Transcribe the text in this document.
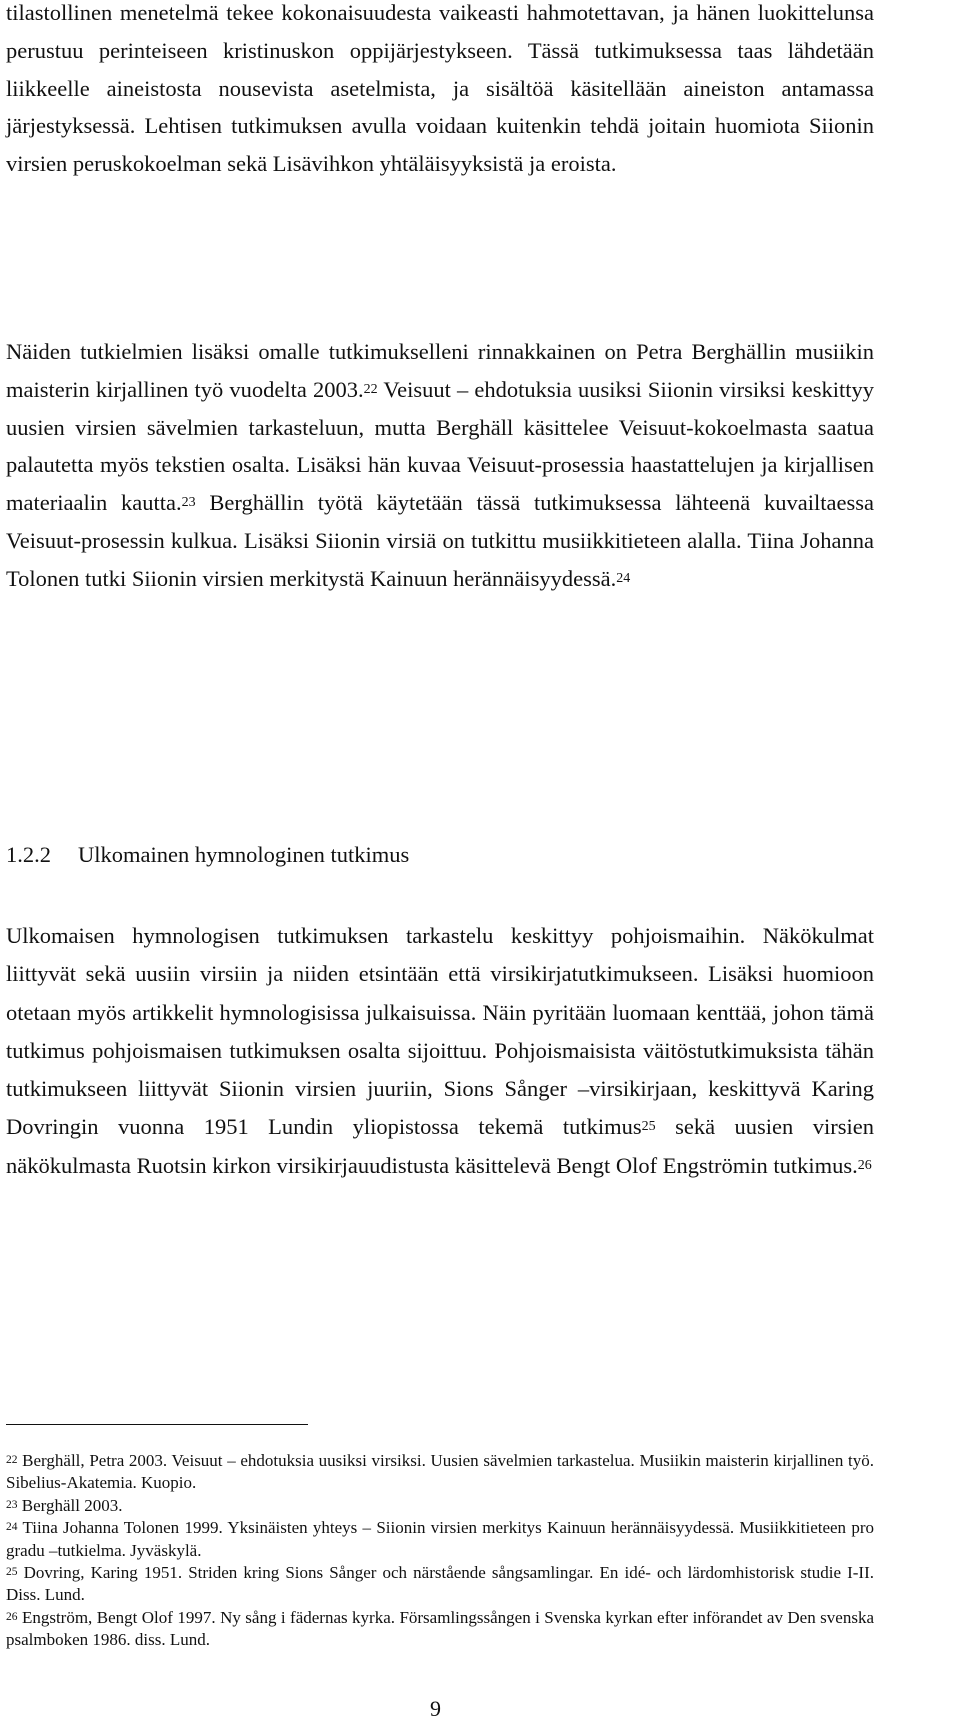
tilastollinen menetelmä tekee kokonaisuudesta vaikeasti hahmotettavan, ja hänen luokittelunsa perustuu perinteiseen kristinuskon oppijärjestykseen. Tässä tutkimuksessa taas lähdetään liikkeelle aineistosta nousevista asetelmista, ja sisältöä käsitellään aineiston antamassa järjestyksessä. Lehtisen tutkimuksen avulla voidaan kuitenkin tehdä joitain huomiota Siionin virsien peruskokoelman sekä Lisävihkon yhtäläisyyksistä ja eroista.

Näiden tutkielmien lisäksi omalle tutkimukselleni rinnakkainen on Petra Berghällin musiikin maisterin kirjallinen työ vuodelta 2003.22 Veisuut – ehdotuksia uusiksi Siionin virsiksi keskittyy uusien virsien sävelmien tarkasteluun, mutta Berghäll käsittelee Veisuut-kokoelmasta saatua palautetta myös tekstien osalta. Lisäksi hän kuvaa Veisuut-prosessia haastattelujen ja kirjallisen materiaalin kautta.$^{23}$ Berghällin työtä käytetään tässä tutkimuksessa lähteenä kuvailtaessa Veisuut-prosessin kulkua. Lisäksi Siionin virsiä on tutkittu musiikkitieteen alalla. Tiina Johanna Tolonen tutki Siionin virsien merkitystä Kainuun herännäisyydessä.$^{24}$

1.2.2 Ulkomainen hymnologinen tutkimus

Ulkomaisen hymnologisen tutkimuksen tarkastelu keskittyy pohjoismaihin. Näkökulmat liittyvät sekä uusiin virsiin ja niiden etsintään että virsikirjatutkimukseen. Lisäksi huomioon otetaan myös artikkelit hymnologisissa julkaisuissa. Näin pyritään luomaan kenttää, johon tämä tutkimus pohjoismaisen tutkimuksen osalta sijoittuu. Pohjoismaisista väitöstutkimuksista tähän tutkimukseen liittyvät Siionin virsien juuriin, Sions Sånger –virsikirjaan, keskittyvä Karing Dovringin vuonna 1951 Lundin yliopistossa tekemä tutkimus$^{25}$ sekä uusien virsien näkökulmasta Ruotsin kirkon virsikirjauudistusta käsittelevä Bengt Olof Engströmin tutkimus.$^{26}$

$^{22}$ Berghäll, Petra 2003. Veisuut – ehdotuksia uusiksi virsiksi. Uusien sävelmien tarkastelua. Musiikin maisterin kirjallinen työ. Sibelius-Akatemia. Kuopio.

$^{23}$ Berghäll 2003.

$^{24}$ Tiina Johanna Tolonen 1999. Yksinäisten yhteys – Siionin virsien merkitys Kainuun herännäisyydessä. Musiikkitieteen pro gradu –tutkielma. Jyväskylä.

$^{25}$ Dovring, Karing 1951. Striden kring Sions Sånger och närstående sångsamlingar. En idé- och lärdomhistorisk studie I-II. Diss. Lund.

$^{26}$ Engström, Bengt Olof 1997. Ny sång i fädernas kyrka. Församlingssången i Svenska kyrkan efter införandet av Den svenska psalmboken 1986. diss. Lund.

9
